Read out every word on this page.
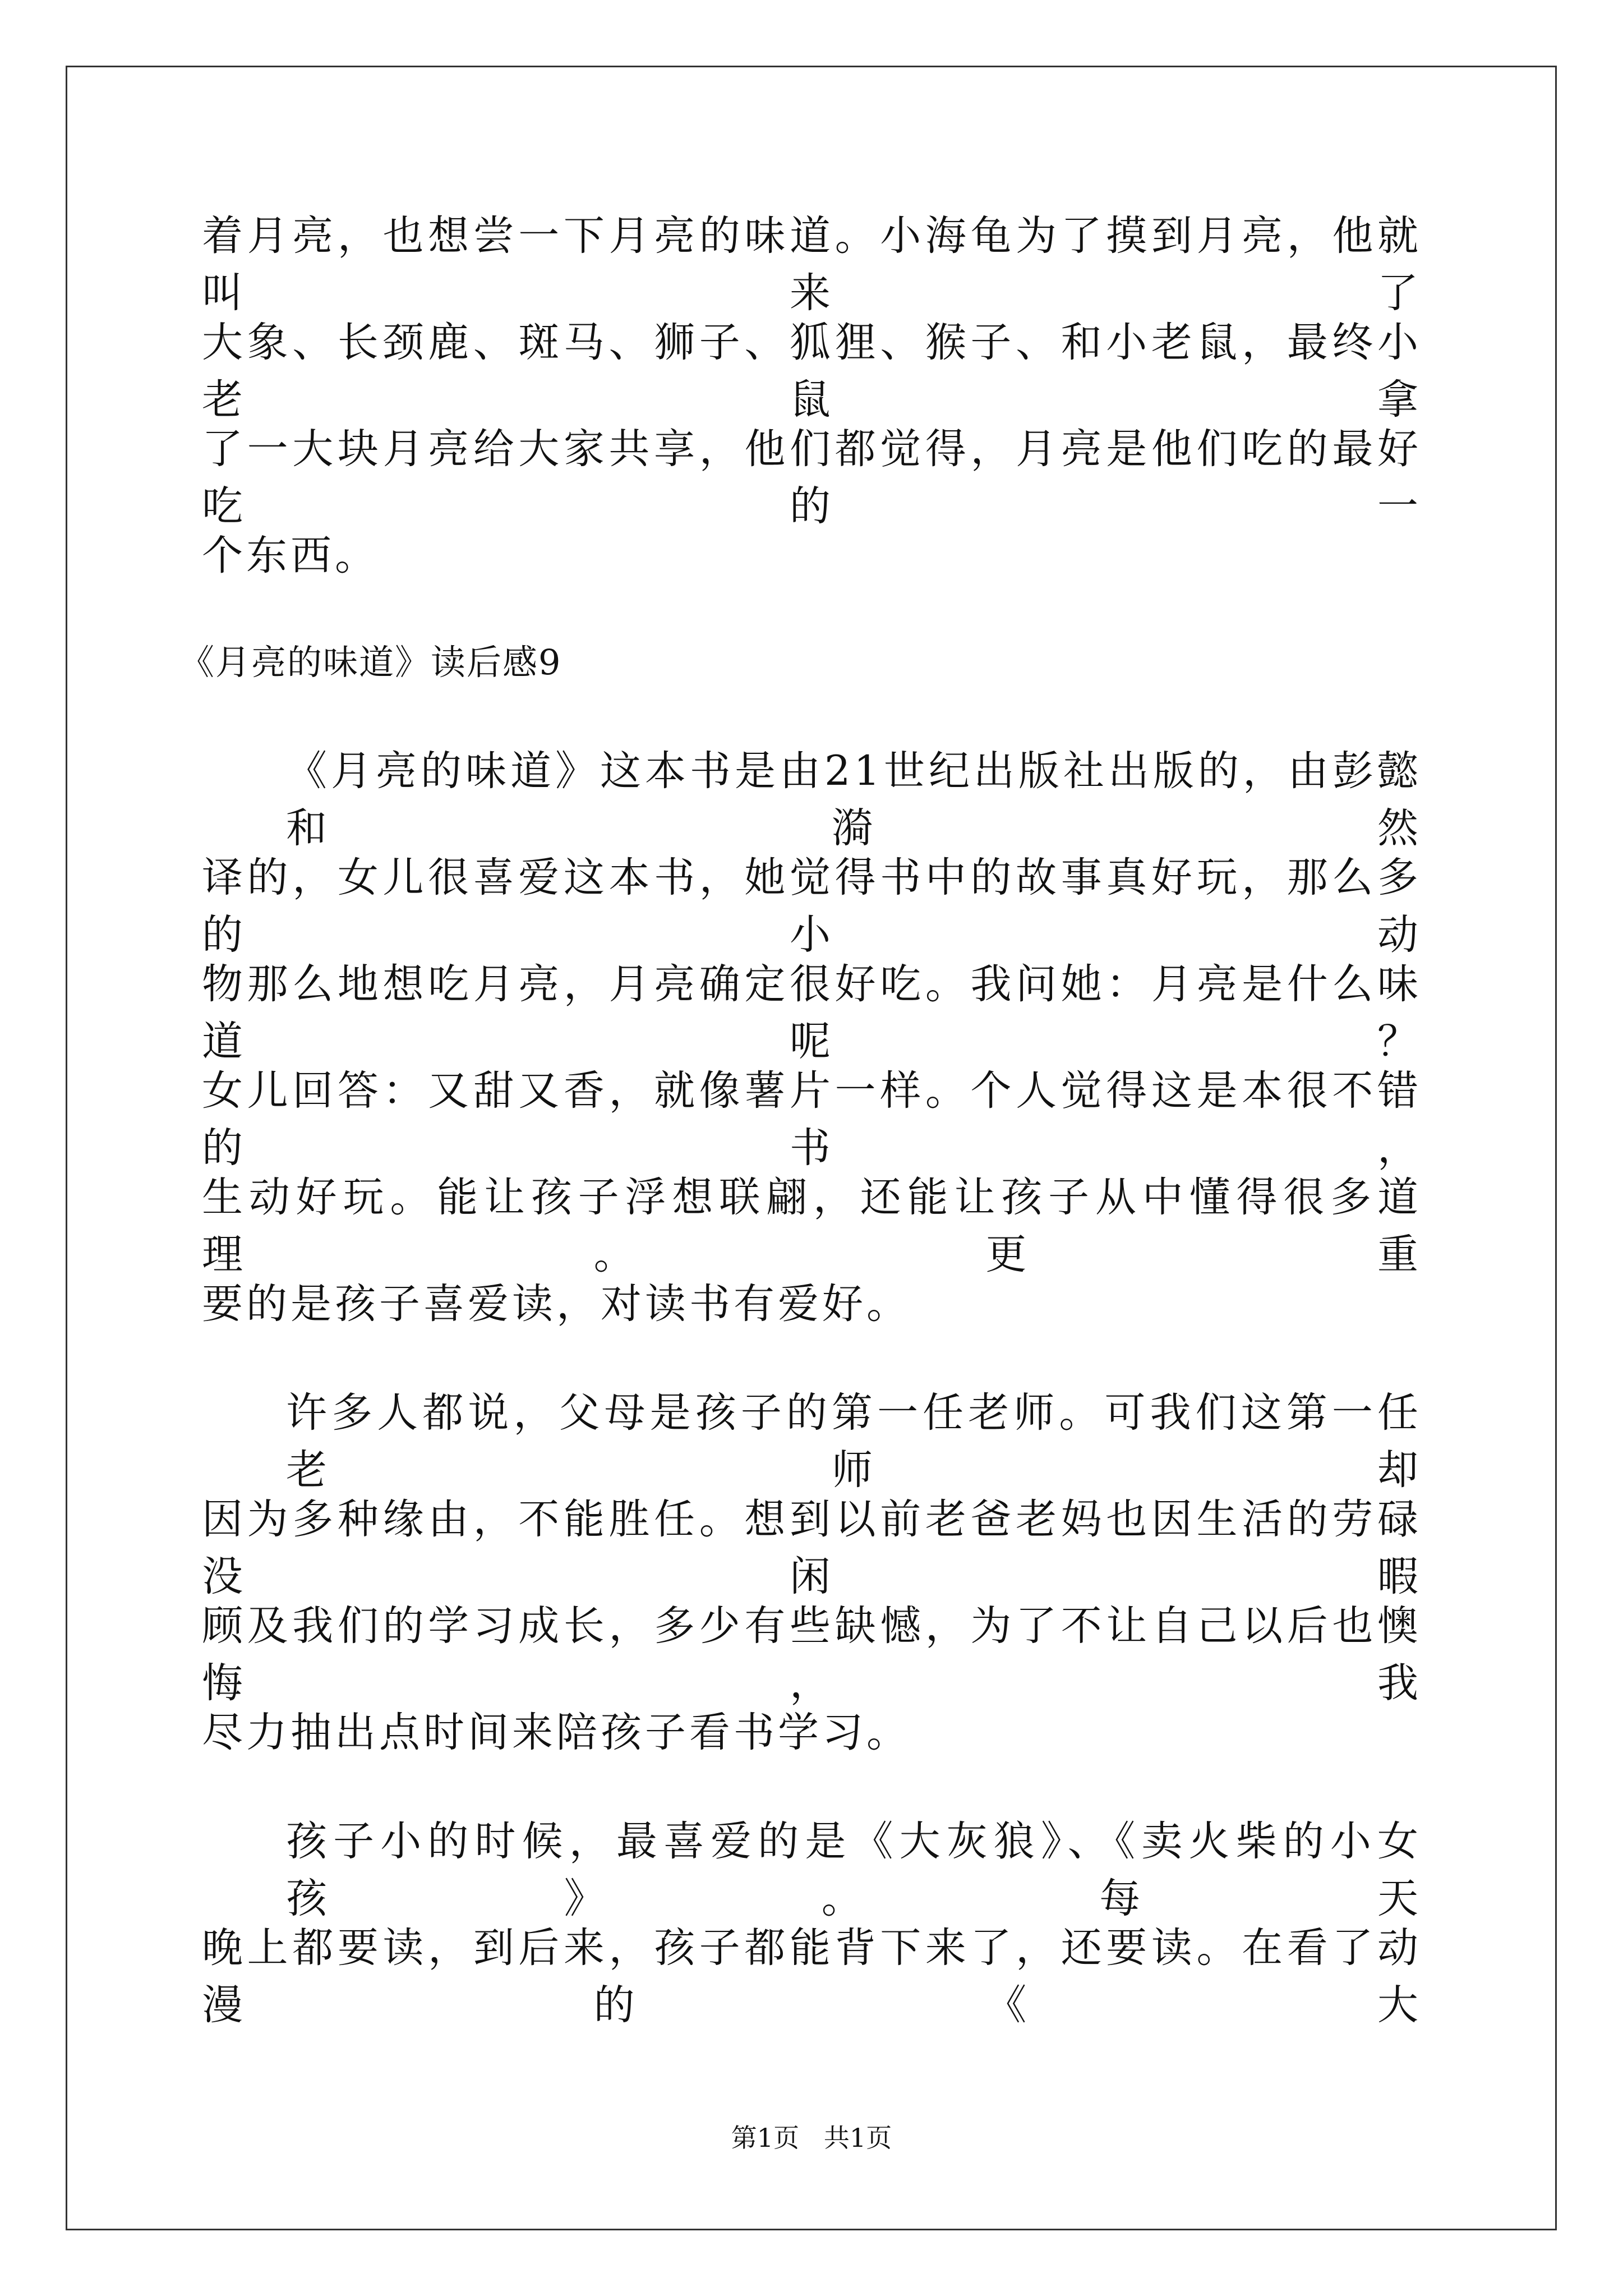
着月亮，也想尝一下月亮的味道。小海龟为了摸到月亮，他就叫来了
大象、长颈鹿、斑马、狮子、狐狸、猴子、和小老鼠，最终小老鼠拿
了一大块月亮给大家共享，他们都觉得，月亮是他们吃的最好吃的一
个东西。
《月亮的味道》读后感9
《月亮的味道》这本书是由21世纪出版社出版的，由彭懿和漪然
译的，女儿很喜爱这本书，她觉得书中的故事真好玩，那么多的小动
物那么地想吃月亮，月亮确定很好吃。我问她：月亮是什么味道呢？
女儿回答：又甜又香，就像薯片一样。个人觉得这是本很不错的书，
生动好玩。能让孩子浮想联翩，还能让孩子从中懂得很多道理。更重
要的是孩子喜爱读，对读书有爱好。
许多人都说，父母是孩子的第一任老师。可我们这第一任老师却
因为多种缘由，不能胜任。想到以前老爸老妈也因生活的劳碌没闲暇
顾及我们的学习成长，多少有些缺憾，为了不让自己以后也懊悔，我
尽力抽出点时间来陪孩子看书学习。
孩子小的时候，最喜爱的是《大灰狼》、《卖火柴的小女孩》。每天
晚上都要读，到后来，孩子都能背下来了，还要读。在看了动漫的《大
第1页   共1页
